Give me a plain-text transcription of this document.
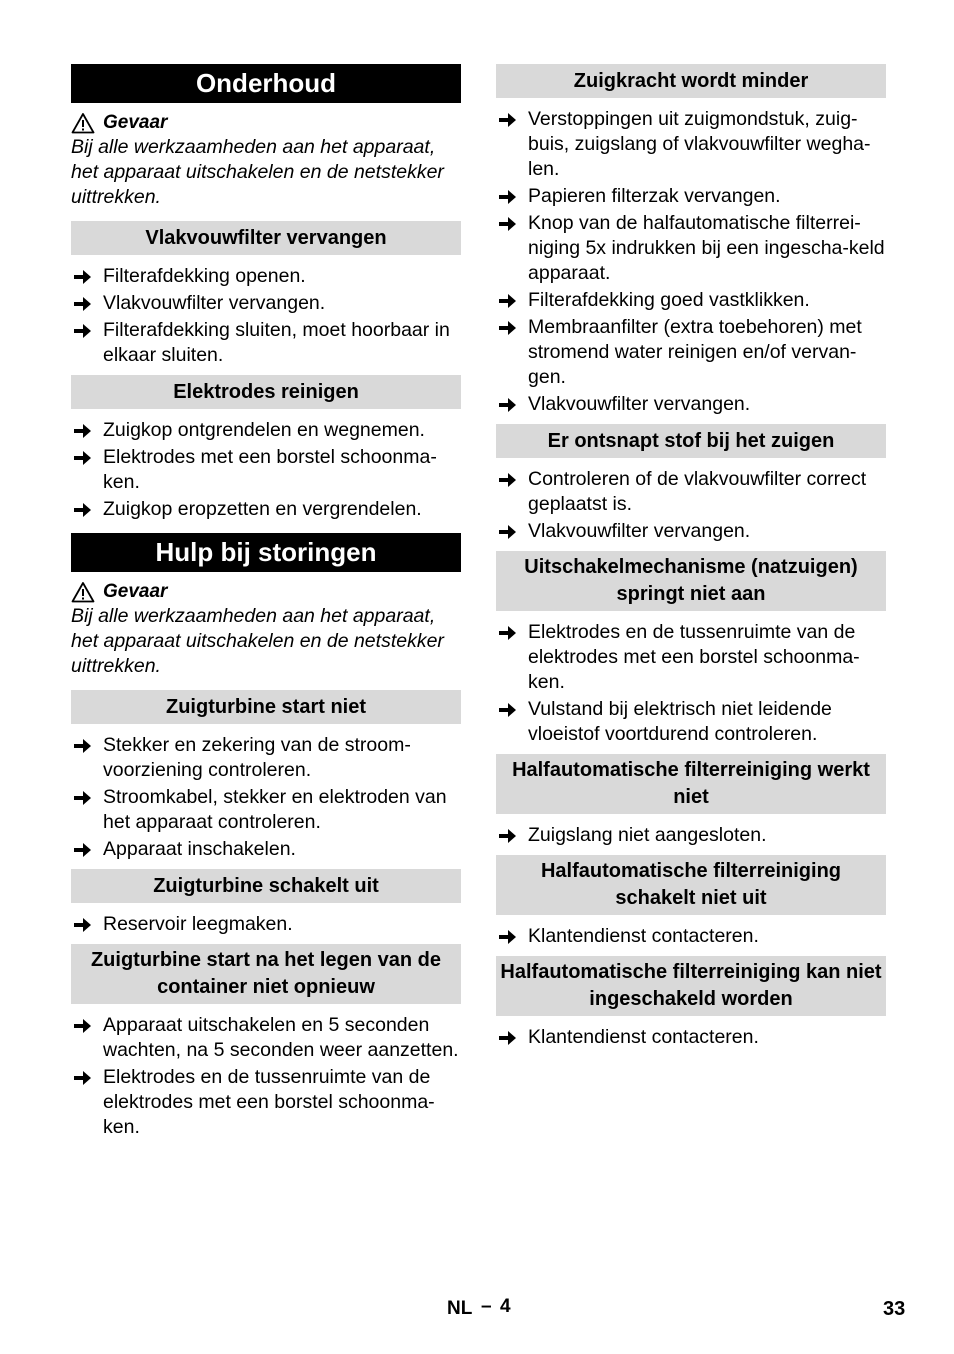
Onderhoud
Gevaar
Bij alle werkzaamheden aan het apparaat, het apparaat uitschakelen en de netstekker uittrekken.
Vlakvouwfilter vervangen
Filterafdekking openen.
Vlakvouwfilter vervangen.
Filterafdekking sluiten, moet hoorbaar in elkaar sluiten.
Elektrodes reinigen
Zuigkop ontgrendelen en wegnemen.
Elektrodes met een borstel schoonma-ken.
Zuigkop eropzetten en vergrendelen.
Hulp bij storingen
Gevaar
Bij alle werkzaamheden aan het apparaat, het apparaat uitschakelen en de netstekker uittrekken.
Zuigturbine start niet
Stekker en zekering van de stroom-voorziening controleren.
Stroomkabel, stekker en elektroden van het apparaat controleren.
Apparaat inschakelen.
Zuigturbine schakelt uit
Reservoir leegmaken.
Zuigturbine start na het legen van de container niet opnieuw
Apparaat uitschakelen en 5 seconden wachten, na 5 seconden weer aanzetten.
Elektrodes en de tussenruimte van de elektrodes met een borstel schoonma-ken.
Zuigkracht wordt minder
Verstoppingen uit zuigmondstuk, zuig-buis, zuigslang of vlakvouwfilter wegha-len.
Papieren filterzak vervangen.
Knop van de halfautomatische filterrei-niging 5x indrukken bij een ingescha-keld apparaat.
Filterafdekking goed vastklikken.
Membraanfilter (extra toebehoren) met stromend water reinigen en/of vervan-gen.
Vlakvouwfilter vervangen.
Er ontsnapt stof bij het zuigen
Controleren of de vlakvouwfilter correct geplaatst is.
Vlakvouwfilter vervangen.
Uitschakelmechanisme (natzuigen) springt niet aan
Elektrodes en de tussenruimte van de elektrodes met een borstel schoonma-ken.
Vulstand bij elektrisch niet leidende vloeistof voortdurend controleren.
Halfautomatische filterreiniging werkt niet
Zuigslang niet aangesloten.
Halfautomatische filterreiniging schakelt niet uit
Klantendienst contacteren.
Halfautomatische filterreiniging kan niet ingeschakeld worden
Klantendienst contacteren.
NL – 4	33
